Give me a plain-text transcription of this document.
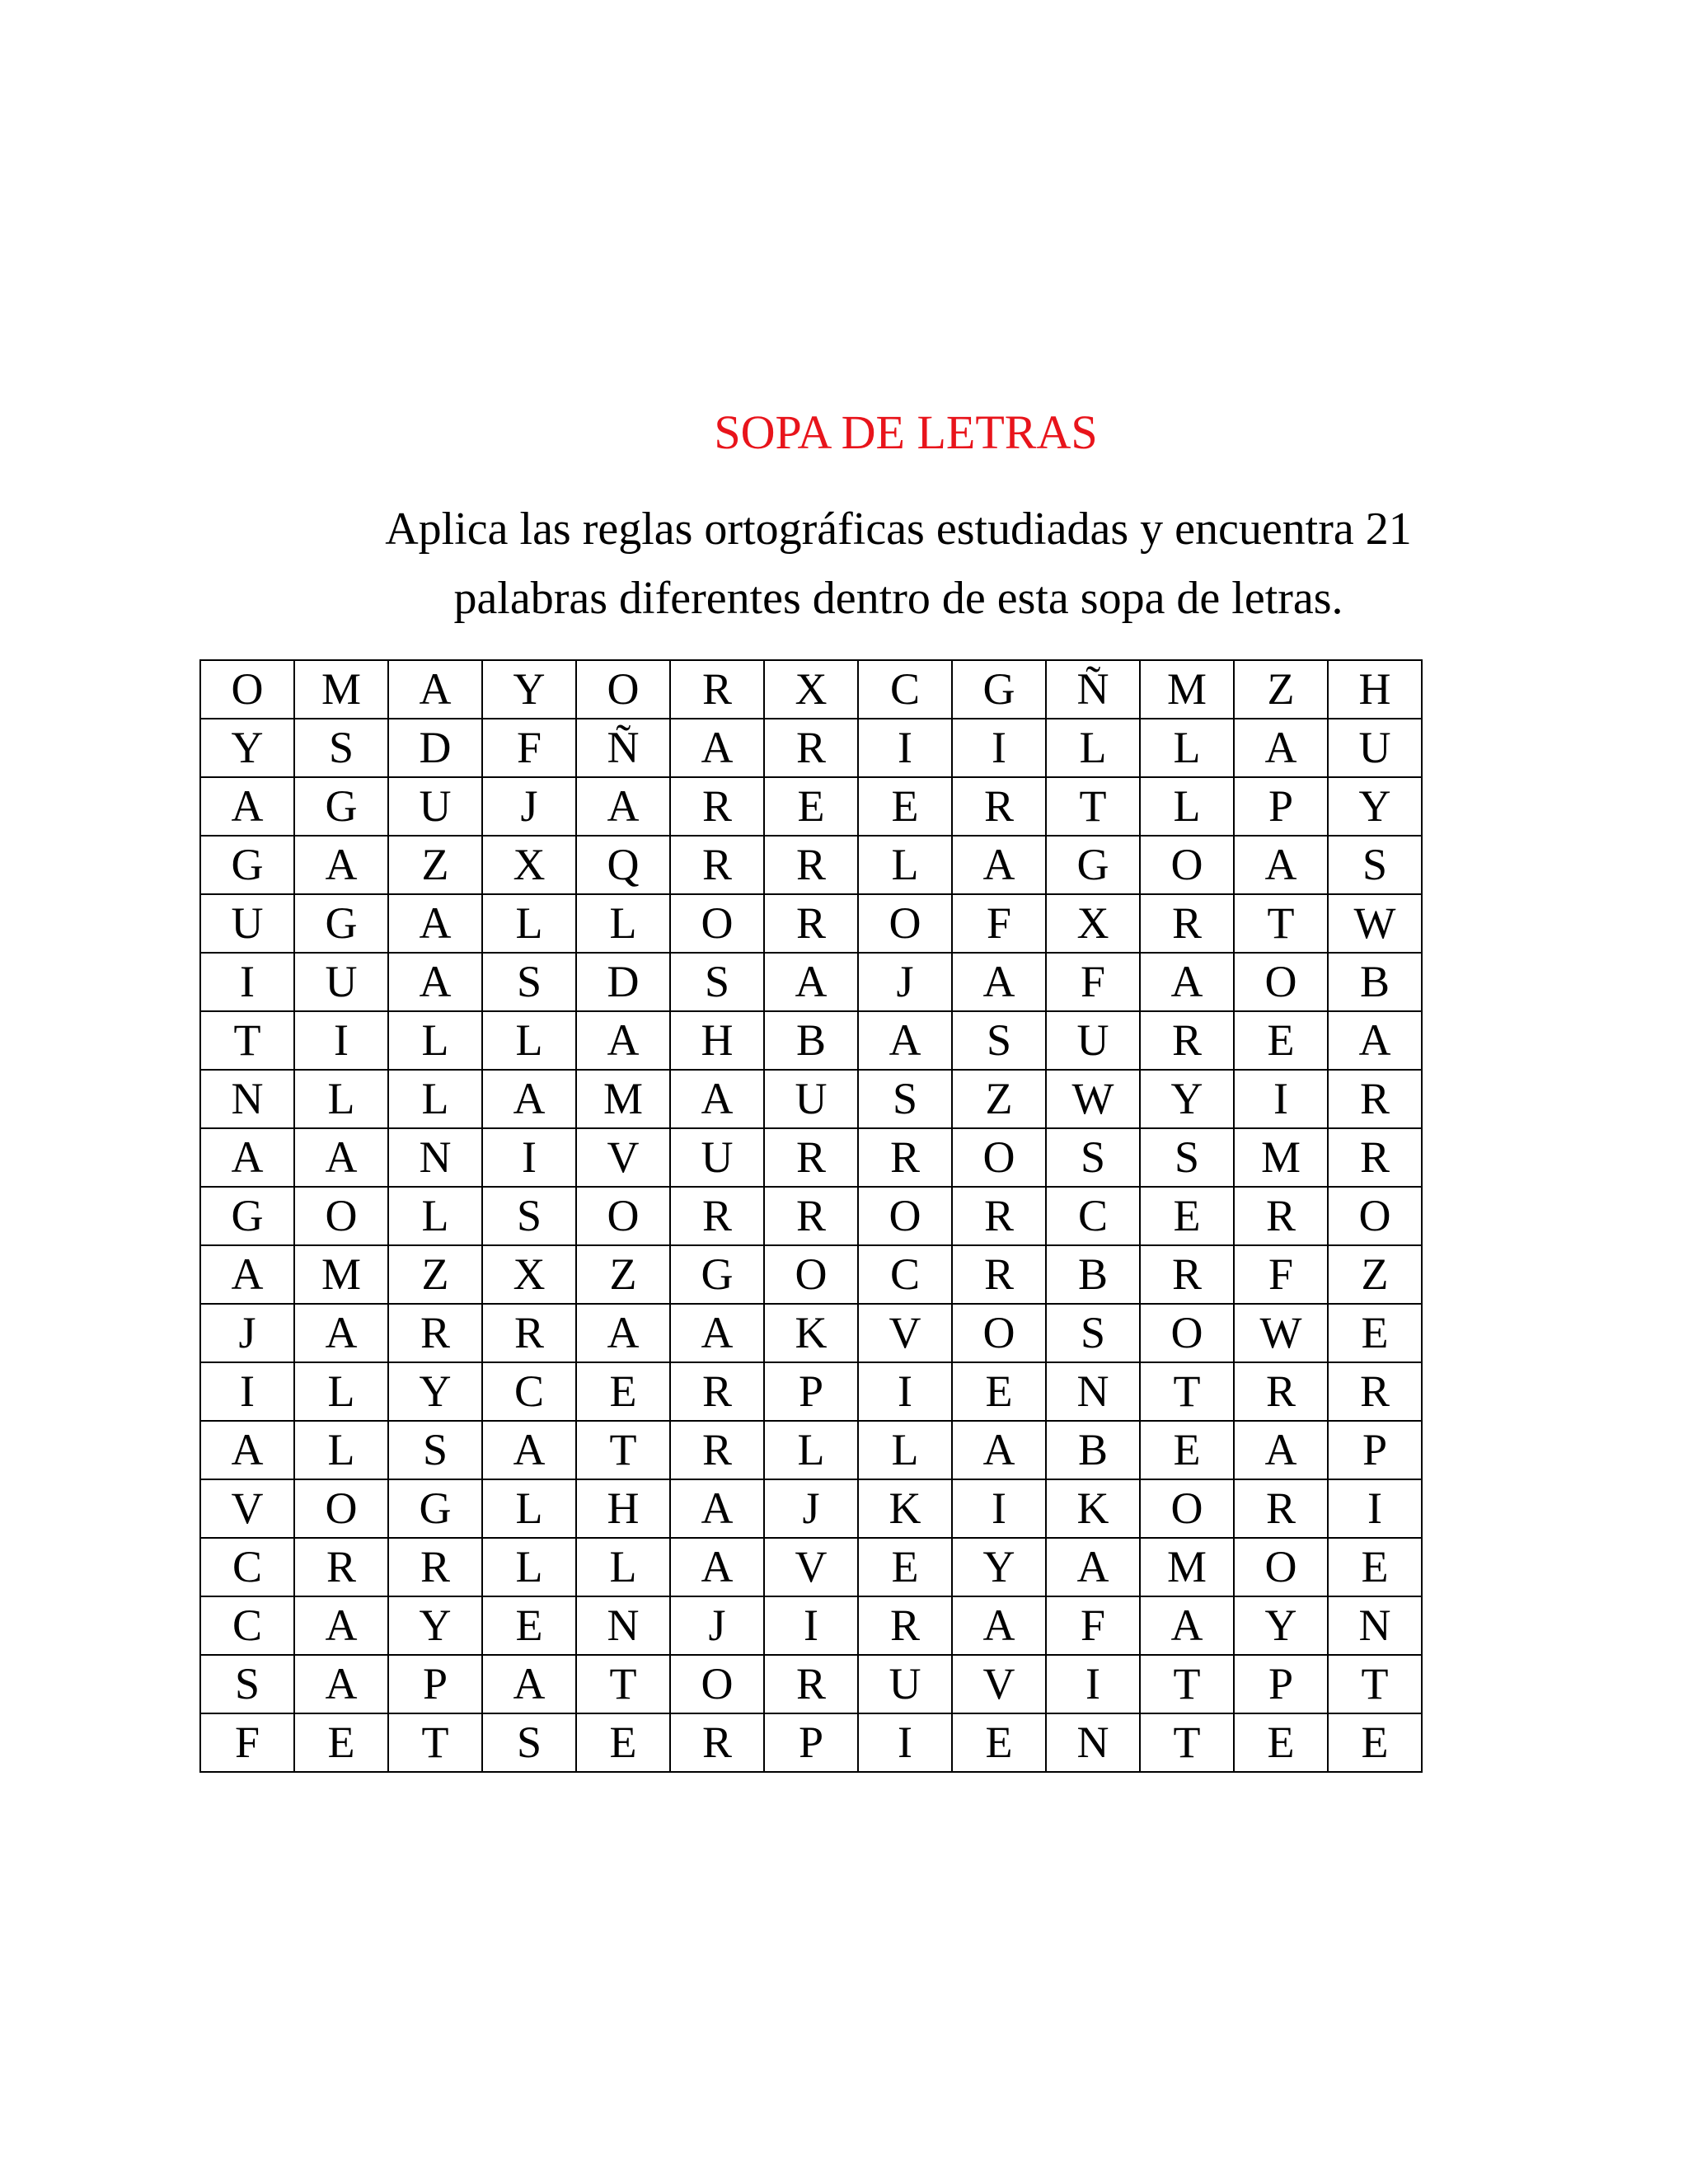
SOPA DE LETRAS
Aplica las reglas ortográficas estudiadas y encuentra 21
palabras diferentes dentro de esta sopa de letras.
O	M	A	Y	O	R	X	C	G	Ñ	M	Z	H
Y	S	D	F	Ñ	A	R	I	I	L	L	A	U
A	G	U	J	A	R	E	E	R	T	L	P	Y
G	A	Z	X	Q	R	R	L	A	G	O	A	S
U	G	A	L	L	O	R	O	F	X	R	T	W
I	U	A	S	D	S	A	J	A	F	A	O	B
T	I	L	L	A	H	B	A	S	U	R	E	A
N	L	L	A	M	A	U	S	Z	W	Y	I	R
A	A	N	I	V	U	R	R	O	S	S	M	R
G	O	L	S	O	R	R	O	R	C	E	R	O
A	M	Z	X	Z	G	O	C	R	B	R	F	Z
J	A	R	R	A	A	K	V	O	S	O	W	E
I	L	Y	C	E	R	P	I	E	N	T	R	R
A	L	S	A	T	R	L	L	A	B	E	A	P
V	O	G	L	H	A	J	K	I	K	O	R	I
C	R	R	L	L	A	V	E	Y	A	M	O	E
C	A	Y	E	N	J	I	R	A	F	A	Y	N
S	A	P	A	T	O	R	U	V	I	T	P	T
F	E	T	S	E	R	P	I	E	N	T	E	E
